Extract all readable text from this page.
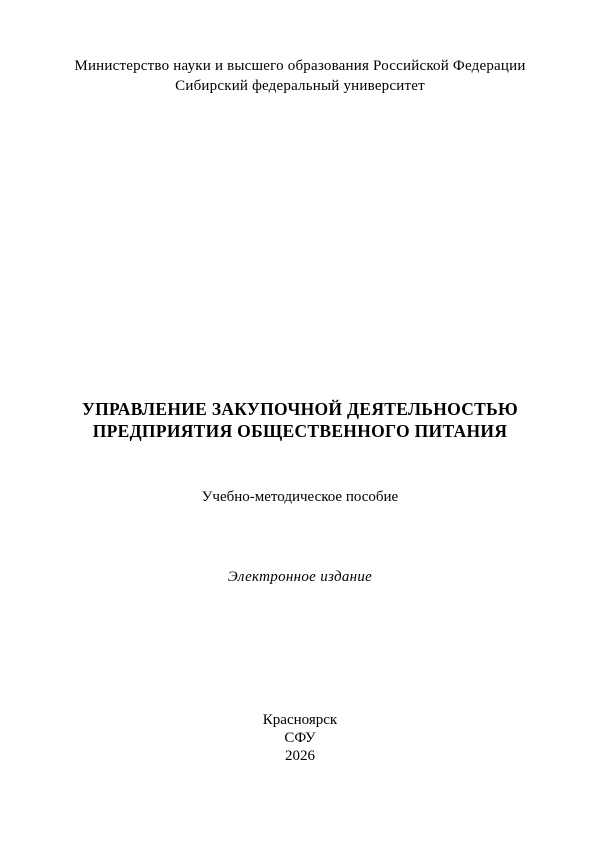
Министерство науки и высшего образования Российской Федерации
Сибирский федеральный университет
УПРАВЛЕНИЕ ЗАКУПОЧНОЙ ДЕЯТЕЛЬНОСТЬЮ
ПРЕДПРИЯТИЯ ОБЩЕСТВЕННОГО ПИТАНИЯ
Учебно-методическое пособие
Электронное издание
Красноярск
СФУ
2026
